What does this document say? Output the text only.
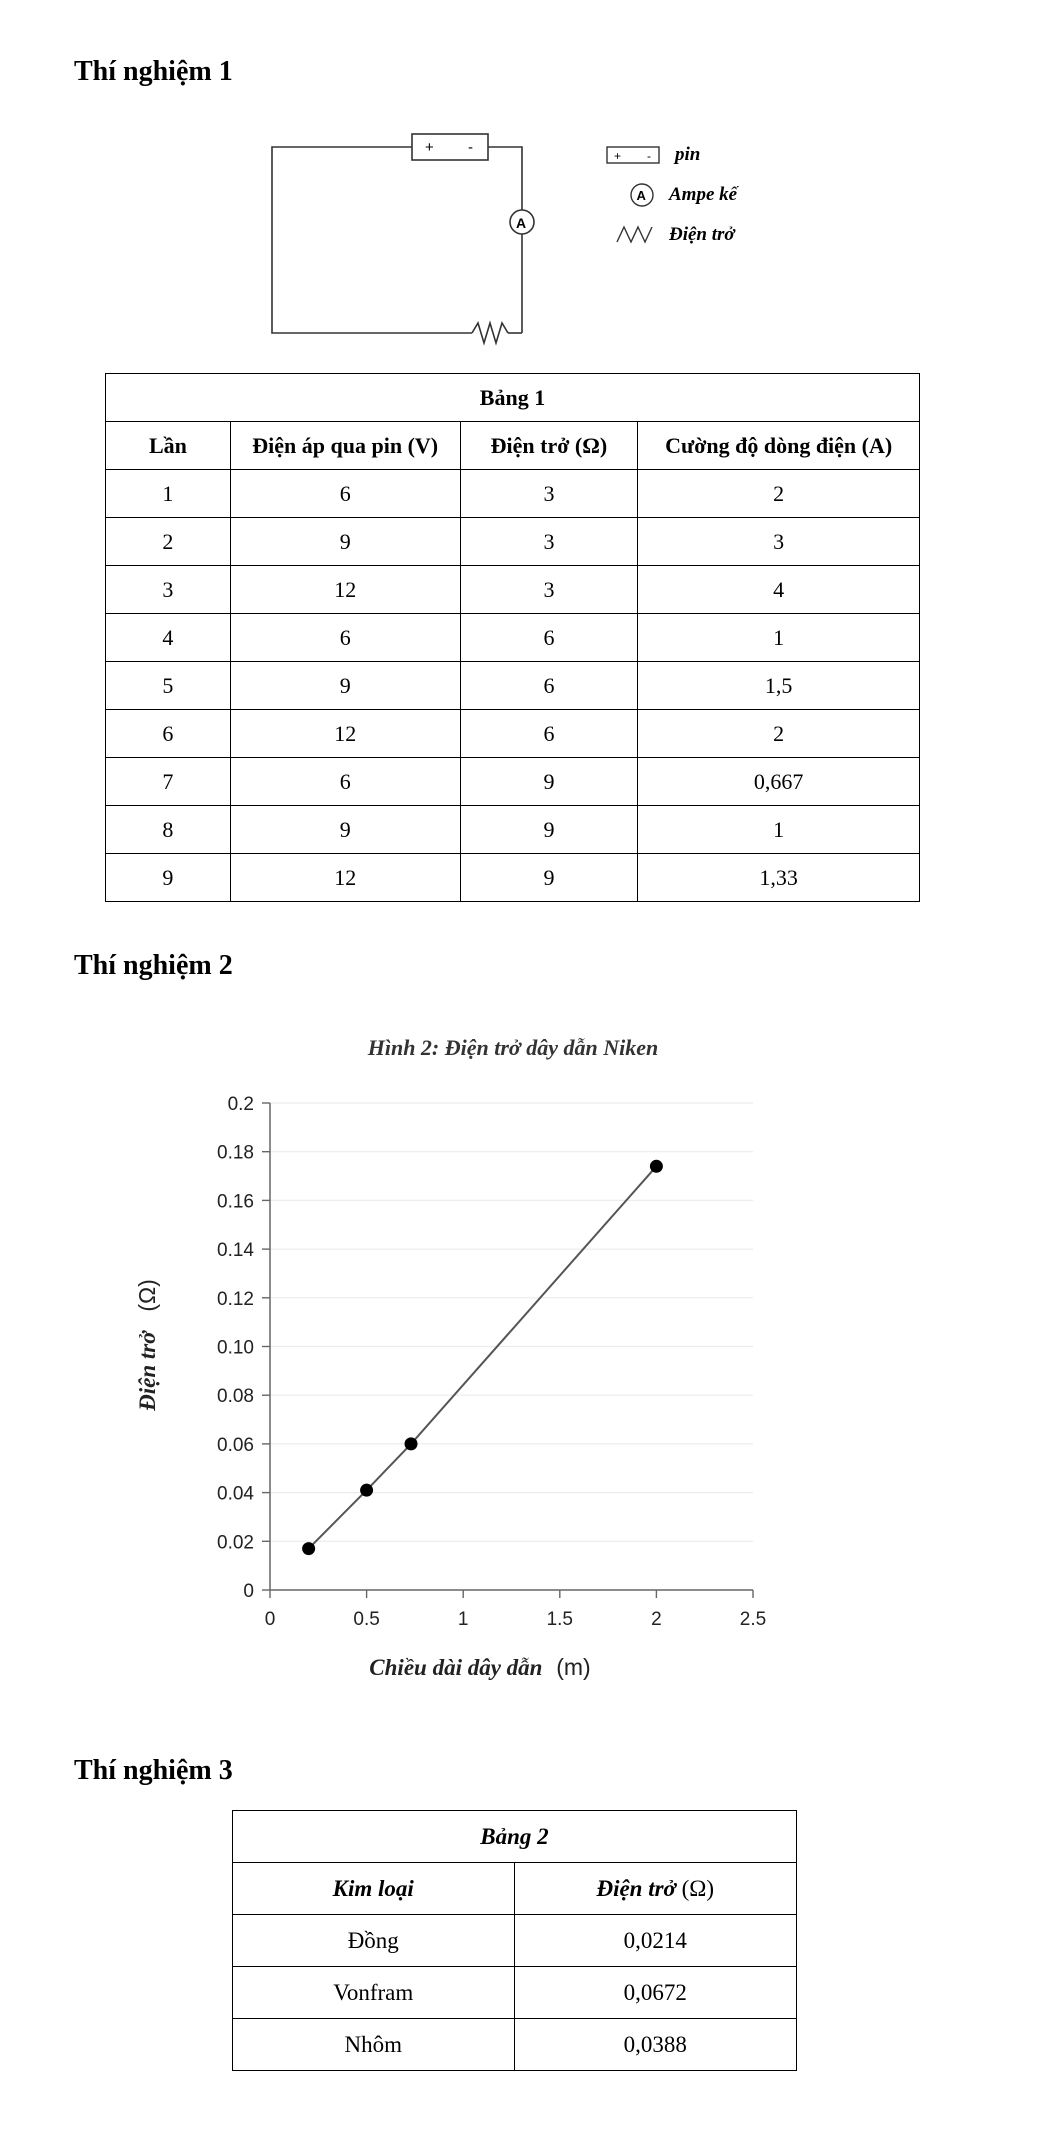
Thí nghiệm 1
+ -
A
+ - pin
A Ampe kế
Điện trở
Bảng 1			
Lần	Điện áp qua pin (V)	Điện trở (Ω)	Cường độ dòng điện (A)
1	6	3	2
2	9	3	3
3	12	3	4
4	6	6	1
5	9	6	1,5
6	12	6	2
7	6	9	0,667
8	9	9	1
9	12	9	1,33
Thí nghiệm 2
Hình 2: Điện trở dây dẫn Niken
0
0.02
0.04
0.06
0.08
0.10
0.12
0.14
0.16
0.18
0.2
0	0.5	1	1.5	2	2.5
Chiều dài dây dẫn (m)
Điện trở (Ω)
Thí nghiệm 3
Bảng 2	
Kim loại	Điện trở (Ω)
Đồng	0,0214
Vonfram	0,0672
Nhôm	0,0388
